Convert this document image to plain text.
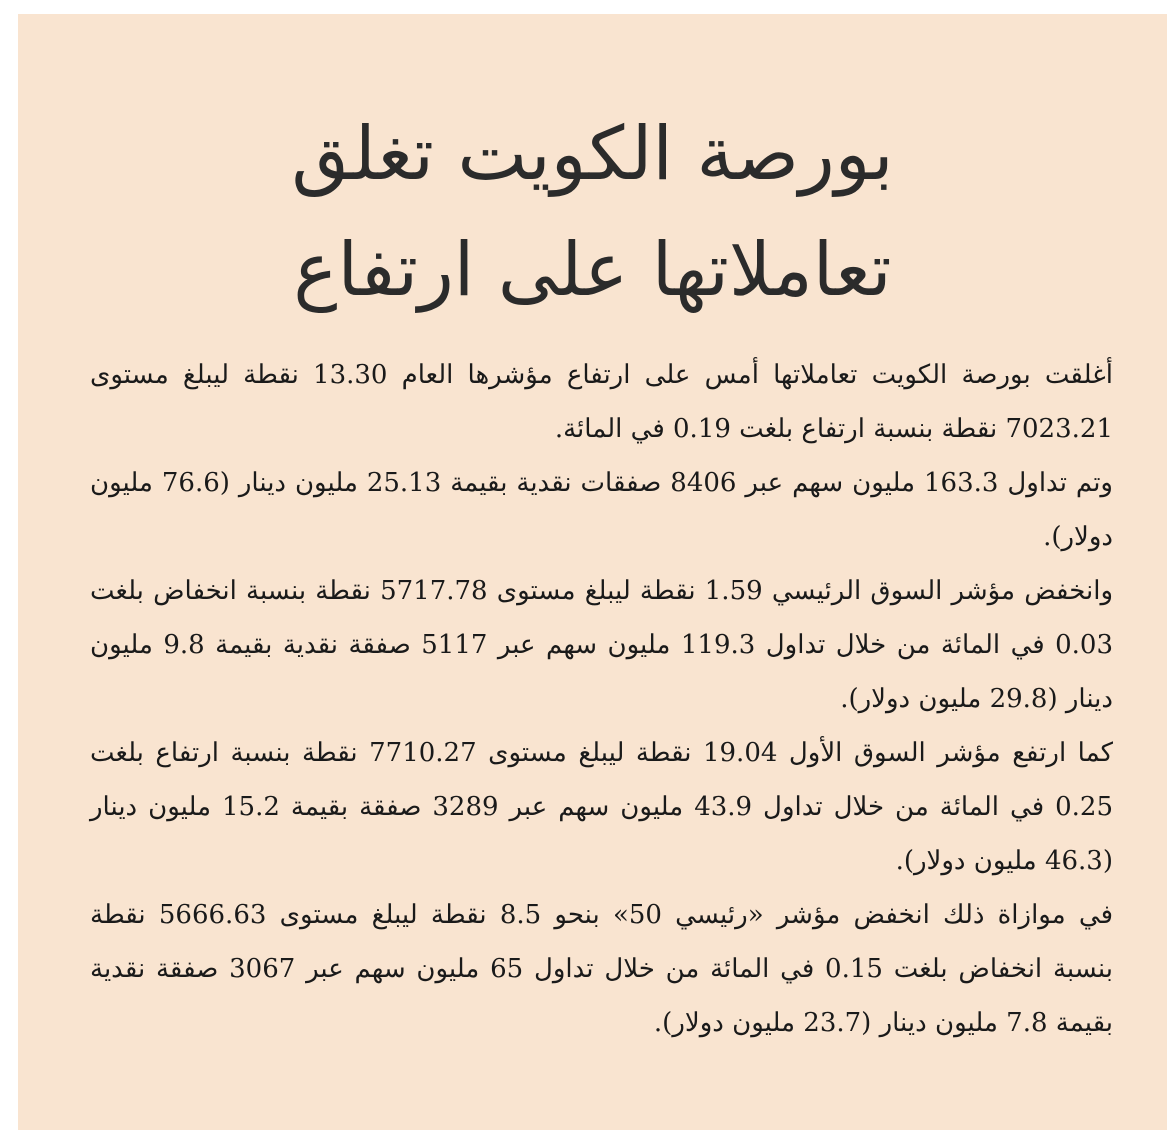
بورصة الكويت تغلق
تعاملاتها على ارتفاع

أغلقت بورصة الكويت تعاملاتها أمس على ارتفاع مؤشرها العام 13.30 نقطة ليبلغ مستوى 7023.21 نقطة بنسبة ارتفاع بلغت 0.19 في المائة.

وتم تداول 163.3 مليون سهم عبر 8406 صفقات نقدية بقيمة 25.13 مليون دينار (76.6 مليون دولار).

وانخفض مؤشر السوق الرئيسي 1.59 نقطة ليبلغ مستوى 5717.78 نقطة بنسبة انخفاض بلغت 0.03 في المائة من خلال تداول 119.3 مليون سهم عبر 5117 صفقة نقدية بقيمة 9.8 مليون دينار (29.8 مليون دولار).

كما ارتفع مؤشر السوق الأول 19.04 نقطة ليبلغ مستوى 7710.27 نقطة بنسبة ارتفاع بلغت 0.25 في المائة من خلال تداول 43.9 مليون سهم عبر 3289 صفقة بقيمة 15.2 مليون دينار (46.3 مليون دولار).

في موازاة ذلك انخفض مؤشر «رئيسي 50» بنحو 8.5 نقطة ليبلغ مستوى 5666.63 نقطة بنسبة انخفاض بلغت 0.15 في المائة من خلال تداول 65 مليون سهم عبر 3067 صفقة نقدية بقيمة 7.8 مليون دينار (23.7 مليون دولار).
